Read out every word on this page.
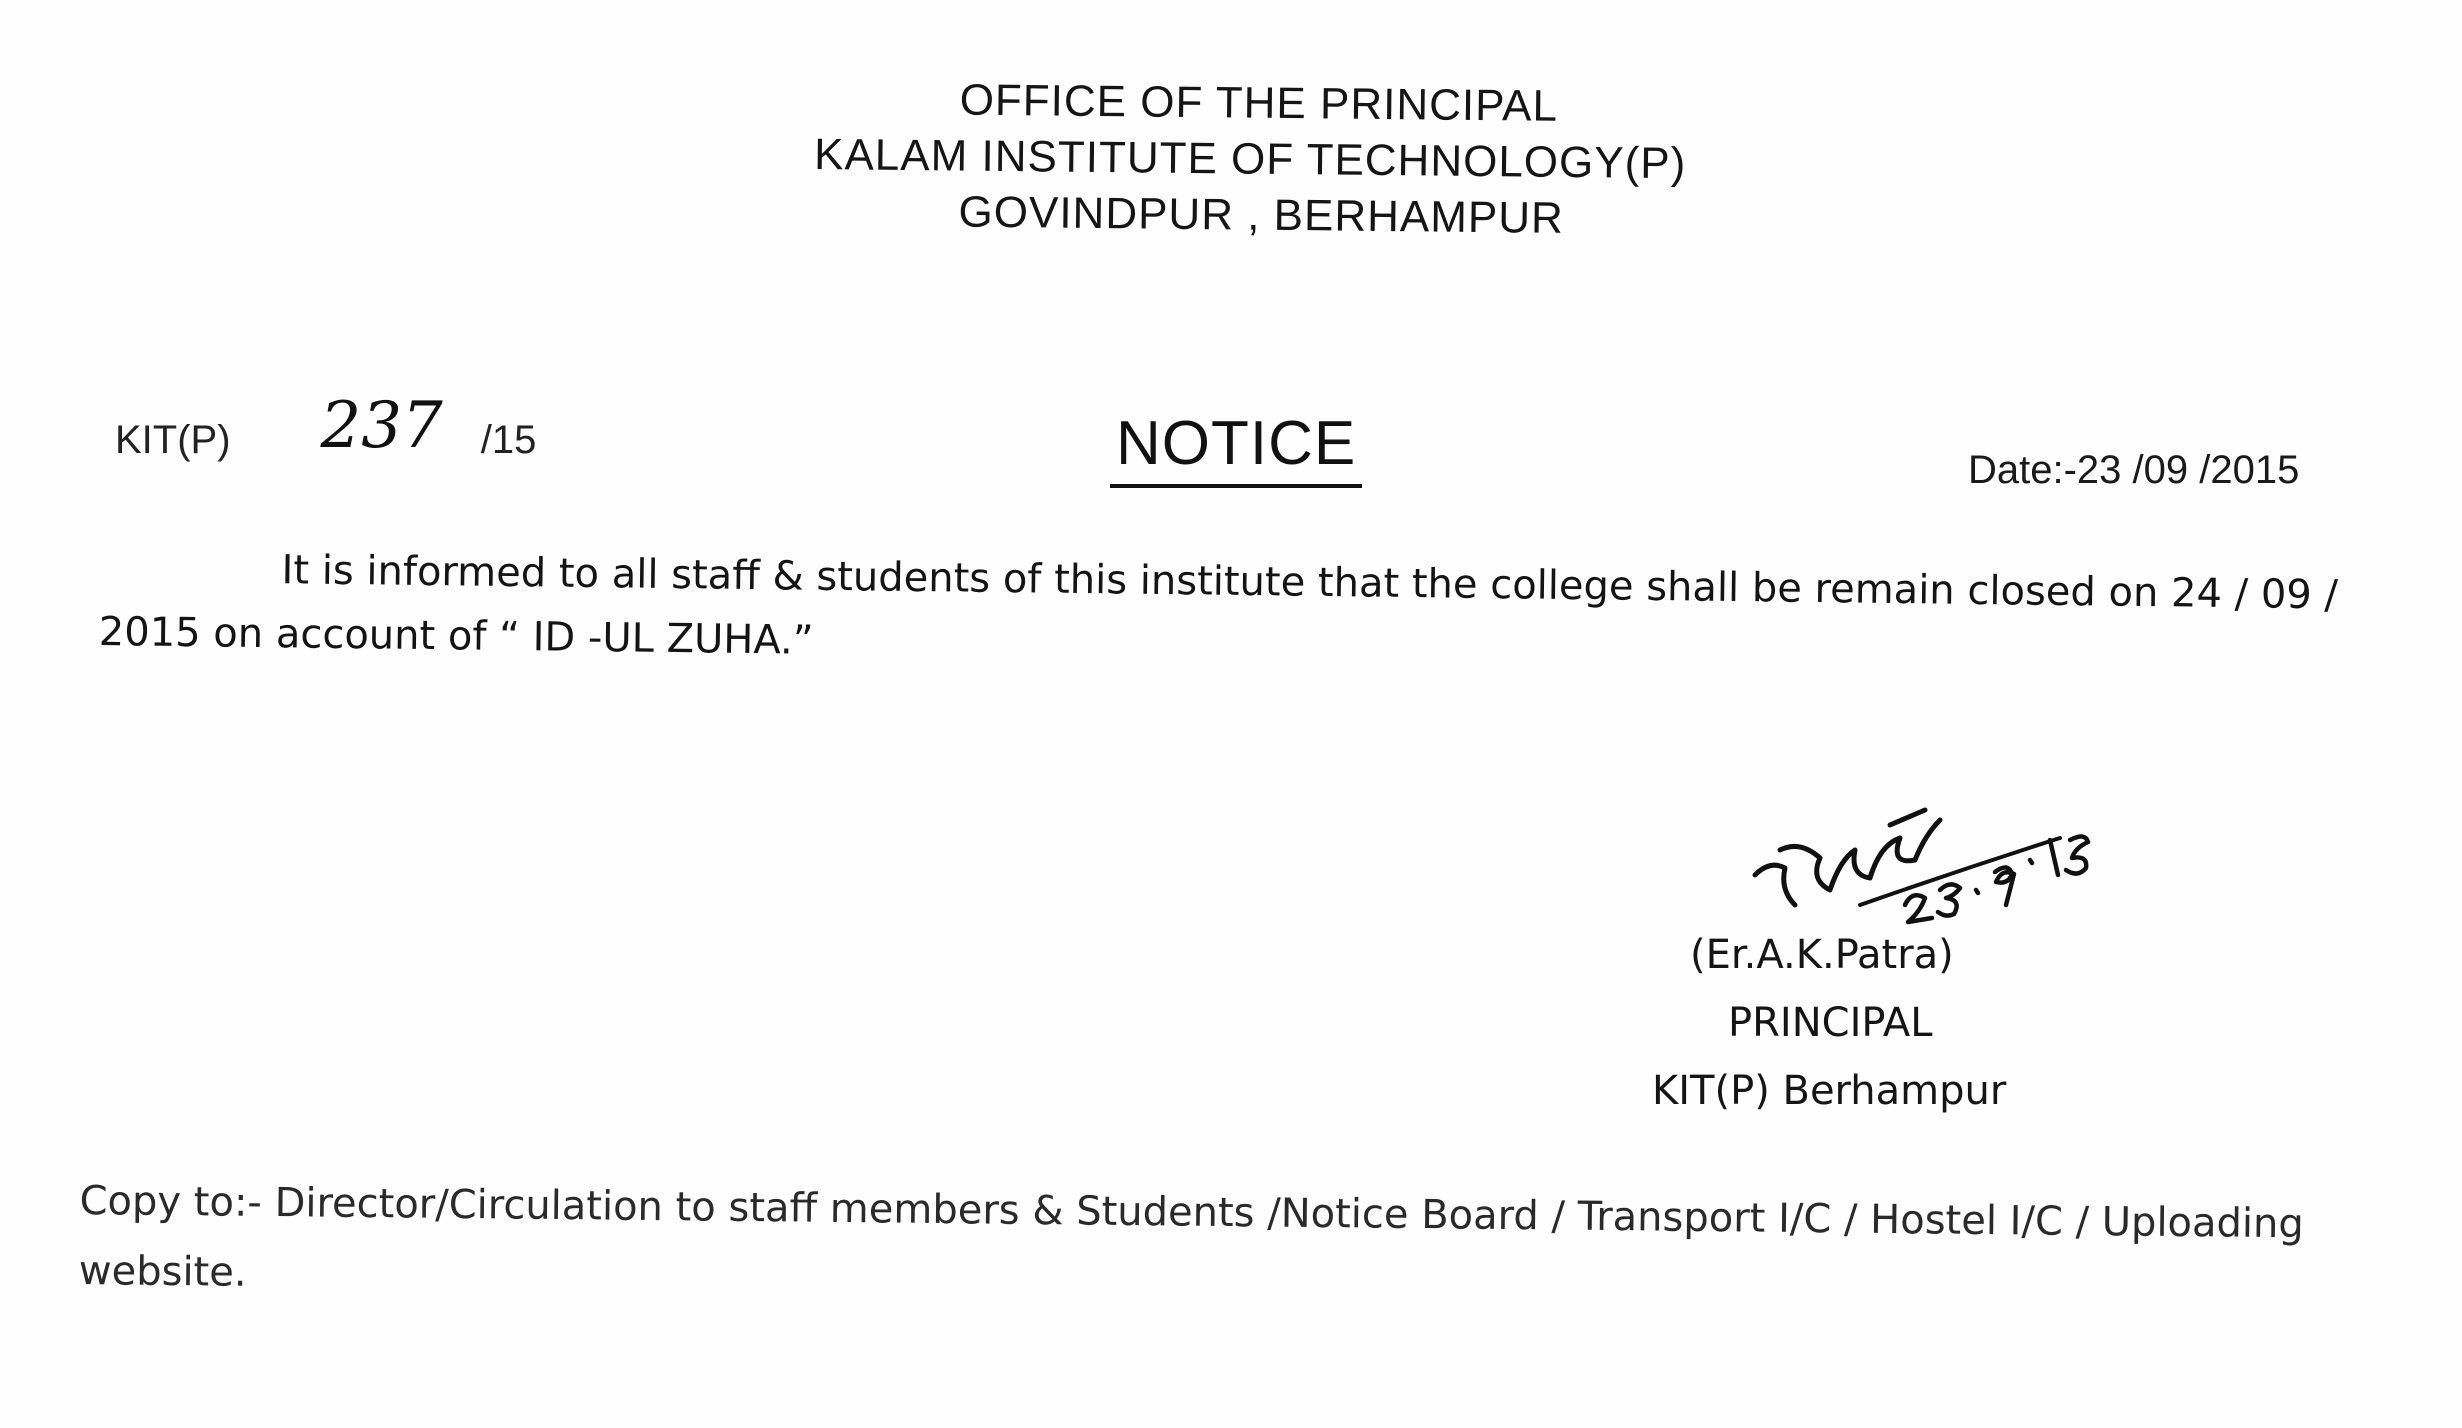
OFFICE OF THE PRINCIPAL
KALAM INSTITUTE OF TECHNOLOGY(P)
GOVINDPUR , BERHAMPUR
KIT(P) 237 /15	NOTICE	Date:-23 /09 /2015
It is informed to all staff & students of this institute that the college shall be remain closed on 24 / 09 / 2015 on account of “ ID -UL ZUHA.”
(Er.A.K.Patra)
PRINCIPAL
KIT(P) Berhampur
Copy to:- Director/Circulation to staff members & Students /Notice Board / Transport I/C / Hostel I/C / Uploading website.
